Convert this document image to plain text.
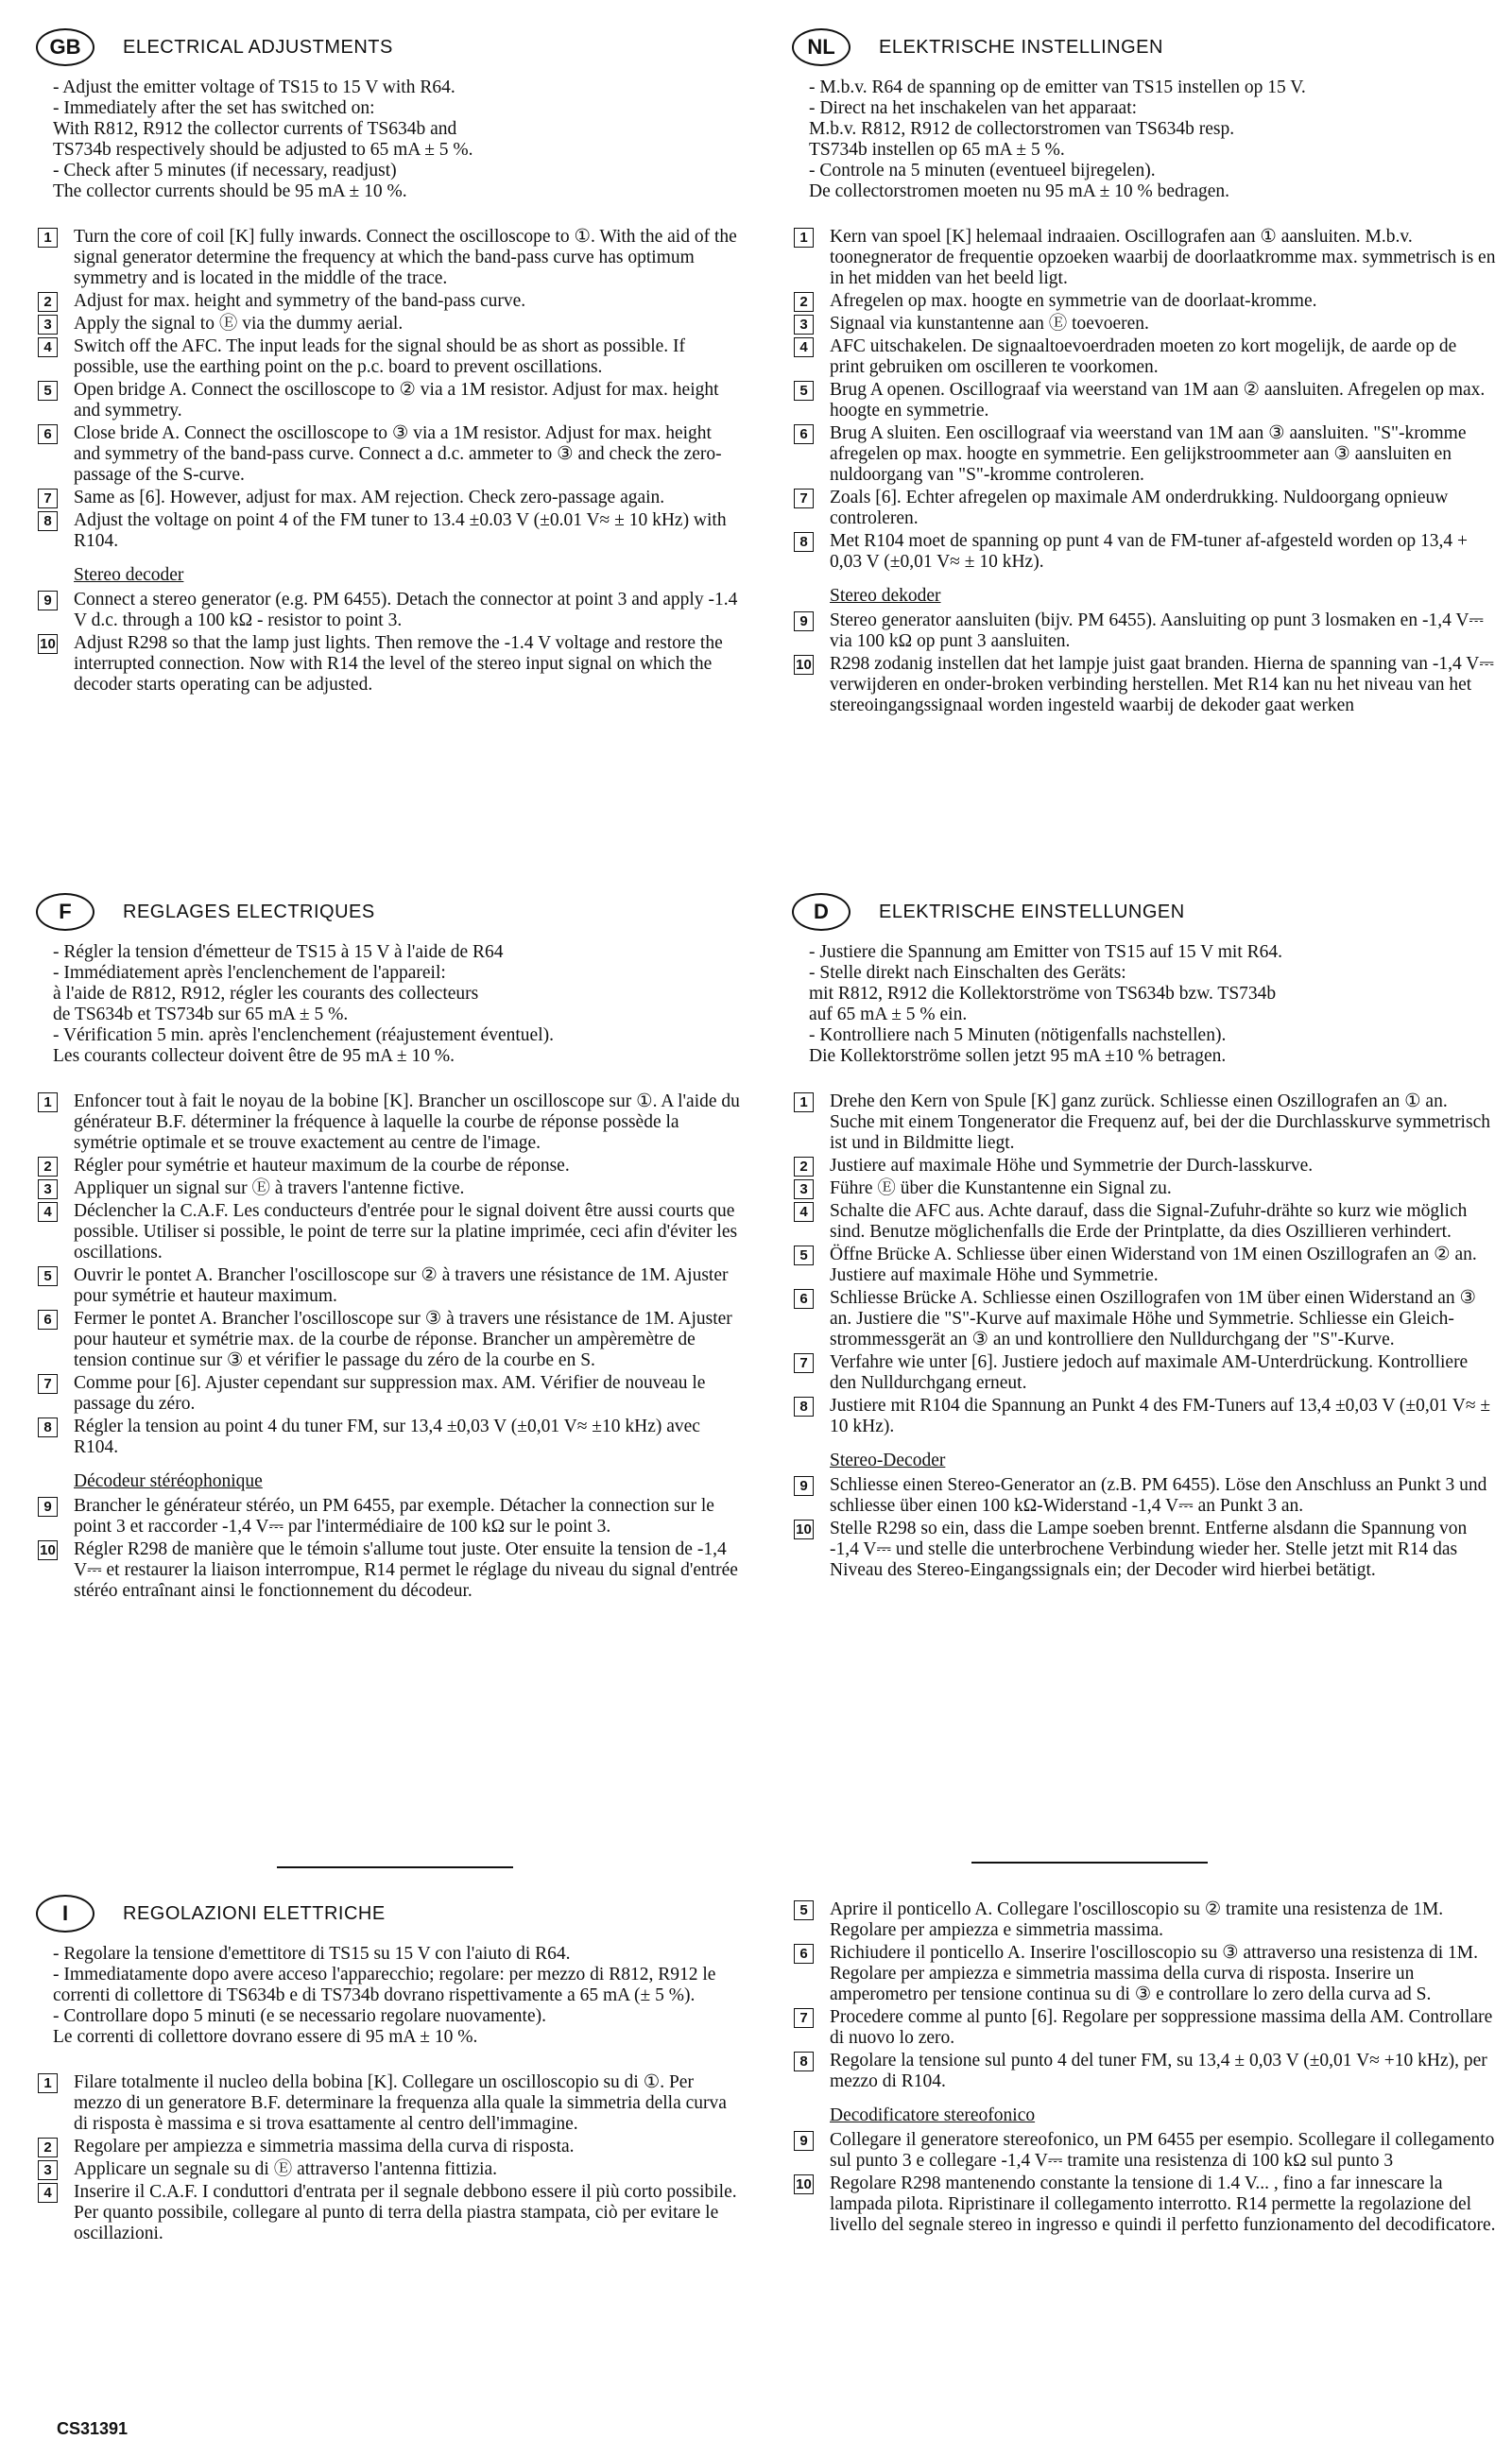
GB	ELECTRICAL ADJUSTMENTS
- Adjust the emitter voltage of TS15 to 15 V with R64.
- Immediately after the set has switched on:
With R812, R912 the collector currents of TS634b and
TS734b respectively should be adjusted to 65 mA ± 5 %.
- Check after 5 minutes (if necessary, readjust)
The collector currents should be 95 mA ± 10 %.
1	Turn the core of coil [K] fully inwards. Connect the oscilloscope to ①. With the aid of the signal generator determine the frequency at which the band-pass curve has optimum symmetry and is located in the middle of the trace.
2	Adjust for max. height and symmetry of the band-pass curve.
3	Apply the signal to Ⓔ via the dummy aerial.
4	Switch off the AFC. The input leads for the signal should be as short as possible. If possible, use the earthing point on the p.c. board to prevent oscillations.
5	Open bridge A. Connect the oscilloscope to ② via a 1M resistor. Adjust for max. height and symmetry.
6	Close bride A. Connect the oscilloscope to ③ via a 1M resistor. Adjust for max. height and symmetry of the band-pass curve. Connect a d.c. ammeter to ③ and check the zero-passage of the S-curve.
7	Same as [6]. However, adjust for max. AM rejection. Check zero-passage again.
8	Adjust the voltage on point 4 of the FM tuner to 13.4 ±0.03 V (±0.01 V≈ ± 10 kHz) with R104.
Stereo decoder
9	Connect a stereo generator (e.g. PM 6455). Detach the connector at point 3 and apply -1.4 V d.c. through a 100 kΩ - resistor to point 3.
10 Adjust R298 so that the lamp just lights. Then remove the -1.4 V voltage and restore the interrupted connection. Now with R14 the level of the stereo input signal on which the decoder starts operating can be adjusted.
F	REGLAGES ELECTRIQUES
- Régler la tension d'émetteur de TS15 à 15 V à l'aide de R64
- Immédiatement après l'enclenchement de l'appareil:
à l'aide de R812, R912, régler les courants des collecteurs
de TS634b et TS734b sur 65 mA ± 5 %.
- Vérification 5 min. après l'enclenchement (réajustement éventuel).
Les courants collecteur doivent être de 95 mA ± 10 %.
1	Enfoncer tout à fait le noyau de la bobine [K]. Brancher un oscilloscope sur ①. A l'aide du générateur B.F. déterminer la fréquence à laquelle la courbe de réponse possède la symétrie optimale et se trouve exactement au centre de l'image.
2	Régler pour symétrie et hauteur maximum de la courbe de réponse.
3	Appliquer un signal sur Ⓔ à travers l'antenne fictive.
4	Déclencher la C.A.F. Les conducteurs d'entrée pour le signal doivent être aussi courts que possible. Utiliser si possible, le point de terre sur la platine imprimée, ceci afin d'éviter les oscillations.
5	Ouvrir le pontet A. Brancher l'oscilloscope sur ② à travers une résistance de 1M. Ajuster pour symétrie et hauteur maximum.
6	Fermer le pontet A. Brancher l'oscilloscope sur ③ à travers une résistance de 1M. Ajuster pour hauteur et symétrie max. de la courbe de réponse. Brancher un ampèremètre de tension continue sur ③ et vérifier le passage du zéro de la courbe en S.
7	Comme pour [6]. Ajuster cependant sur suppression max. AM. Vérifier de nouveau le passage du zéro.
8	Régler la tension au point 4 du tuner FM, sur 13,4 ±0,03 V (±0,01 V≈ ±10 kHz) avec R104.
Décodeur stéréophonique
9	Brancher le générateur stéréo, un PM 6455, par exemple. Détacher la connection sur le point 3 et raccorder -1,4 V⎓ par l'intermédiaire de 100 kΩ sur le point 3.
10 Régler R298 de manière que le témoin s'allume tout juste. Oter ensuite la tension de -1,4 V⎓ et restaurer la liaison interrompue, R14 permet le réglage du niveau du signal d'entrée stéréo entraînant ainsi le fonctionnement du décodeur.
I	REGOLAZIONI ELETTRICHE
- Regolare la tensione d'emettitore di TS15 su 15 V con l'aiuto di R64.
- Immediatamente dopo avere acceso l'apparecchio; regolare: per mezzo di R812, R912 le correnti di collettore di TS634b e di TS734b dovrano rispettivamente a 65 mA (± 5 %).
- Controllare dopo 5 minuti (e se necessario regolare nuovamente).
Le correnti di collettore dovrano essere di 95 mA ± 10 %.
1	Filare totalmente il nucleo della bobina [K]. Collegare un oscilloscopio su di ①. Per mezzo di un generatore B.F. determinare la frequenza alla quale la simmetria della curva di risposta è massima e si trova esattamente al centro dell'immagine.
2	Regolare per ampiezza e simmetria massima della curva di risposta.
3	Applicare un segnale su di Ⓔ attraverso l'antenna fittizia.
4	Inserire il C.A.F. I conduttori d'entrata per il segnale debbono essere il più corto possibile. Per quanto possibile, collegare al punto di terra della piastra stampata, ciò per evitare le oscillazioni.
NL	ELEKTRISCHE INSTELLINGEN
- M.b.v. R64 de spanning op de emitter van TS15 instellen op 15 V.
- Direct na het inschakelen van het apparaat:
M.b.v. R812, R912 de collectorstromen van TS634b resp.
TS734b instellen op 65 mA ± 5 %.
- Controle na 5 minuten (eventueel bijregelen).
De collectorstromen moeten nu 95 mA ± 10 % bedragen.
1	Kern van spoel [K] helemaal indraaien. Oscillografen aan ① aansluiten. M.b.v. toonegnerator de frequentie opzoeken waarbij de doorlaatkromme max. symmetrisch is en in het midden van het beeld ligt.
2	Afregelen op max. hoogte en symmetrie van de doorlaat-kromme.
3	Signaal via kunstantenne aan Ⓔ toevoeren.
4	AFC uitschakelen. De signaaltoevoerdraden moeten zo kort mogelijk, de aarde op de print gebruiken om oscilleren te voorkomen.
5	Brug A openen. Oscillograaf via weerstand van 1M aan ② aansluiten. Afregelen op max. hoogte en symmetrie.
6	Brug A sluiten. Een oscillograaf via weerstand van 1M aan ③ aansluiten. "S"-kromme afregelen op max. hoogte en symmetrie. Een gelijkstroommeter aan ③ aansluiten en nuldoorgang van "S"-kromme controleren.
7	Zoals [6]. Echter afregelen op maximale AM onderdrukking. Nuldoorgang opnieuw controleren.
8	Met R104 moet de spanning op punt 4 van de FM-tuner af-afgesteld worden op 13,4 + 0,03 V (±0,01 V≈ ± 10 kHz).
Stereo dekoder
9	Stereo generator aansluiten (bijv. PM 6455). Aansluiting op punt 3 losmaken en -1,4 V⎓ via 100 kΩ op punt 3 aansluiten.
10 R298 zodanig instellen dat het lampje juist gaat branden. Hierna de spanning van -1,4 V⎓ verwijderen en onder-broken verbinding herstellen. Met R14 kan nu het niveau van het stereoingangssignaal worden ingesteld waarbij de dekoder gaat werken
D	ELEKTRISCHE EINSTELLUNGEN
- Justiere die Spannung am Emitter von TS15 auf 15 V mit R64.
- Stelle direkt nach Einschalten des Geräts:
mit R812, R912 die Kollektorströme von TS634b bzw. TS734b
auf 65 mA ± 5 % ein.
- Kontrolliere nach 5 Minuten (nötigenfalls nachstellen).
Die Kollektorströme sollen jetzt 95 mA ±10 % betragen.
1	Drehe den Kern von Spule [K] ganz zurück. Schliesse einen Oszillografen an ① an. Suche mit einem Tongenerator die Frequenz auf, bei der die Durchlasskurve symmetrisch ist und in Bildmitte liegt.
2	Justiere auf maximale Höhe und Symmetrie der Durch-lasskurve.
3	Führe Ⓔ über die Kunstantenne ein Signal zu.
4	Schalte die AFC aus. Achte darauf, dass die Signal-Zufuhr-drähte so kurz wie möglich sind. Benutze möglichenfalls die Erde der Printplatte, da dies Oszillieren verhindert.
5	Öffne Brücke A. Schliesse über einen Widerstand von 1M einen Oszillografen an ② an. Justiere auf maximale Höhe und Symmetrie.
6	Schliesse Brücke A. Schliesse einen Oszillografen von 1M über einen Widerstand an ③ an. Justiere die "S"-Kurve auf maximale Höhe und Symmetrie. Schliesse ein Gleich-strommessgerät an ③ an und kontrolliere den Nulldurchgang der "S"-Kurve.
7	Verfahre wie unter [6]. Justiere jedoch auf maximale AM-Unterdrückung. Kontrolliere den Nulldurchgang erneut.
8	Justiere mit R104 die Spannung an Punkt 4 des FM-Tuners auf 13,4 ±0,03 V (±0,01 V≈ ± 10 kHz).
Stereo-Decoder
9	Schliesse einen Stereo-Generator an (z.B. PM 6455). Löse den Anschluss an Punkt 3 und schliesse über einen 100 kΩ-Widerstand -1,4 V⎓ an Punkt 3 an.
10 Stelle R298 so ein, dass die Lampe soeben brennt. Entferne alsdann die Spannung von -1,4 V⎓ und stelle die unterbrochene Verbindung wieder her. Stelle jetzt mit R14 das Niveau des Stereo-Eingangssignals ein; der Decoder wird hierbei betätigt.
5	Aprire il ponticello A. Collegare l'oscilloscopio su ② tramite una resistenza de 1M. Regolare per ampiezza e simmetria massima.
6	Richiudere il ponticello A. Inserire l'oscilloscopio su ③ attraverso una resistenza di 1M. Regolare per ampiezza e simmetria massima della curva di risposta. Inserire un amperometro per tensione continua su di ③ e controllare lo zero della curva ad S.
7	Procedere comme al punto [6]. Regolare per soppressione massima della AM. Controllare di nuovo lo zero.
8	Regolare la tensione sul punto 4 del tuner FM, su 13,4 ± 0,03 V (±0,01 V≈ +10 kHz), per mezzo di R104.
Decodificatore stereofonico
9	Collegare il generatore stereofonico, un PM 6455 per esempio. Scollegare il collegamento sul punto 3 e collegare -1,4 V⎓ tramite una resistenza di 100 kΩ sul punto 3
10 Regolare R298 mantenendo constante la tensione di 1.4 V... , fino a far innescare la lampada pilota. Ripristinare il collegamento interrotto. R14 permette la regolazione del livello del segnale stereo in ingresso e quindi il perfetto funzionamento del decodificatore.
CS31391
